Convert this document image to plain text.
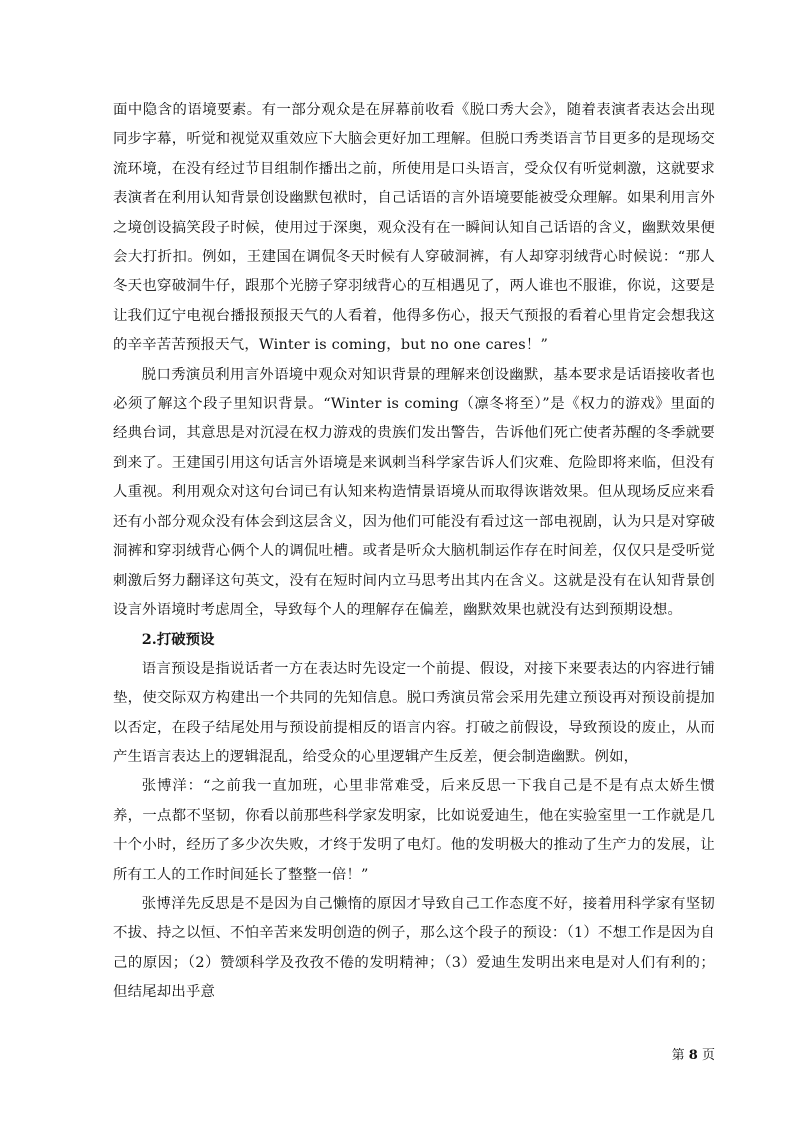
面中隐含的语境要素。有一部分观众是在屏幕前收看《脱口秀大会》，随着表演者表达会出现同步字幕，听觉和视觉双重效应下大脑会更好加工理解。但脱口秀类语言节目更多的是现场交流环境，在没有经过节目组制作播出之前，所使用是口头语言，受众仅有听觉刺激，这就要求表演者在利用认知背景创设幽默包袱时，自己话语的言外语境要能被受众理解。如果利用言外之境创设搞笑段子时候，使用过于深奥，观众没有在一瞬间认知自己话语的含义，幽默效果便会大打折扣。例如，王建国在调侃冬天时候有人穿破洞裤，有人却穿羽绒背心时候说：“那人冬天也穿破洞牛仔，跟那个光膀子穿羽绒背心的互相遇见了，两人谁也不服谁，你说，这要是让我们辽宁电视台播报预报天气的人看着，他得多伤心，报天气预报的看着心里肯定会想我这的辛辛苦苦预报天气，Winter is coming，but no one cares！”

脱口秀演员利用言外语境中观众对知识背景的理解来创设幽默，基本要求是话语接收者也必须了解这个段子里知识背景。“Winter is coming（凛冬将至）”是《权力的游戏》里面的经典台词，其意思是对沉浸在权力游戏的贵族们发出警告，告诉他们死亡使者苏醒的冬季就要到来了。王建国引用这句话言外语境是来讽刺当科学家告诉人们灾难、危险即将来临，但没有人重视。利用观众对这句台词已有认知来构造情景语境从而取得诙谐效果。但从现场反应来看还有小部分观众没有体会到这层含义，因为他们可能没有看过这一部电视剧，认为只是对穿破洞裤和穿羽绒背心俩个人的调侃吐槽。或者是听众大脑机制运作存在时间差，仅仅只是受听觉刺激后努力翻译这句英文，没有在短时间内立马思考出其内在含义。这就是没有在认知背景创设言外语境时考虑周全，导致每个人的理解存在偏差，幽默效果也就没有达到预期设想。

2.打破预设

语言预设是指说话者一方在表达时先设定一个前提、假设，对接下来要表达的内容进行铺垫，使交际双方构建出一个共同的先知信息。脱口秀演员常会采用先建立预设再对预设前提加以否定，在段子结尾处用与预设前提相反的语言内容。打破之前假设，导致预设的废止，从而产生语言表达上的逻辑混乱，给受众的心里逻辑产生反差，便会制造幽默。例如，

张博洋：“之前我一直加班，心里非常难受，后来反思一下我自己是不是有点太娇生惯养，一点都不坚韧，你看以前那些科学家发明家，比如说爱迪生，他在实验室里一工作就是几十个小时，经历了多少次失败，才终于发明了电灯。他的发明极大的推动了生产力的发展，让所有工人的工作时间延长了整整一倍！”

张博洋先反思是不是因为自己懒惰的原因才导致自己工作态度不好，接着用科学家有坚韧不拔、持之以恒、不怕辛苦来发明创造的例子，那么这个段子的预设：（1）不想工作是因为自己的原因；（2）赞颂科学及孜孜不倦的发明精神；（3）爱迪生发明出来电是对人们有利的；但结尾却出乎意

第 8 页
